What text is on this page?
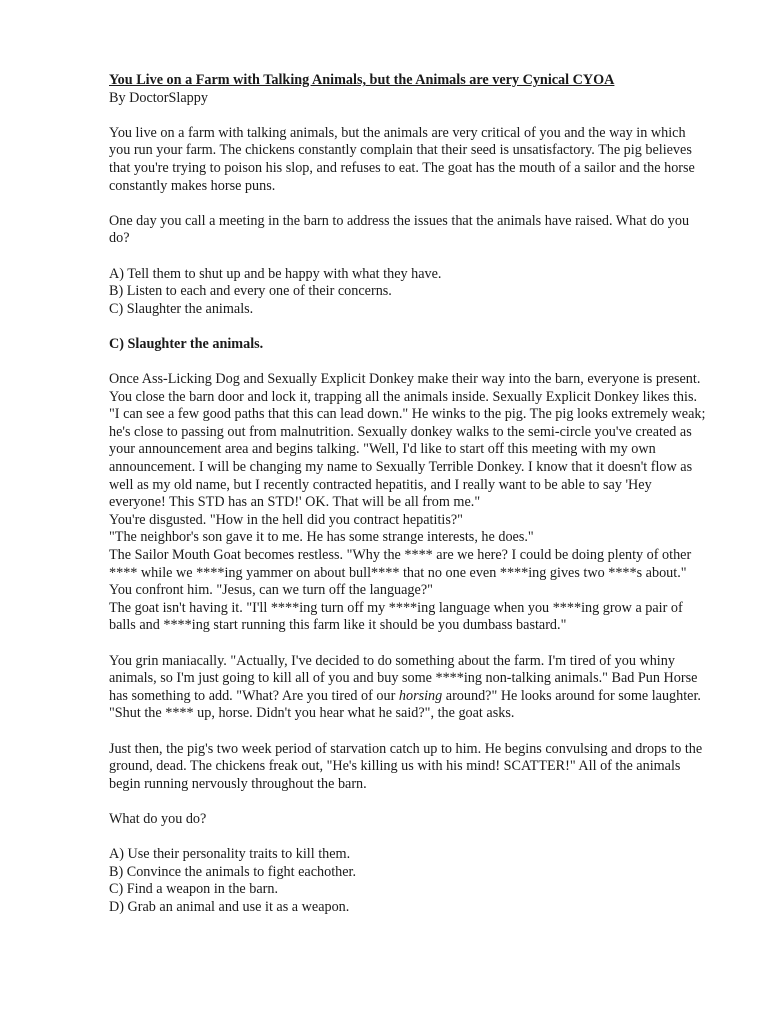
You Live on a Farm with Talking Animals, but the Animals are very Cynical CYOA

By DoctorSlappy

You live on a farm with talking animals, but the animals are very critical of you and the way in which you run your farm. The chickens constantly complain that their seed is unsatisfactory. The pig believes that you're trying to poison his slop, and refuses to eat. The goat has the mouth of a sailor and the horse constantly makes horse puns.

One day you call a meeting in the barn to address the issues that the animals have raised. What do you do?

A) Tell them to shut up and be happy with what they have.

B) Listen to each and every one of their concerns.

C) Slaughter the animals.

C) Slaughter the animals.

Once Ass-Licking Dog and Sexually Explicit Donkey make their way into the barn, everyone is present. You close the barn door and lock it, trapping all the animals inside. Sexually Explicit Donkey likes this. "I can see a few good paths that this can lead down." He winks to the pig. The pig looks extremely weak; he's close to passing out from malnutrition. Sexually donkey walks to the semi-circle you've created as your announcement area and begins talking. "Well, I'd like to start off this meeting with my own announcement. I will be changing my name to Sexually Terrible Donkey. I know that it doesn't flow as well as my old name, but I recently contracted hepatitis, and I really want to be able to say 'Hey everyone! This STD has an STD!' OK. That will be all from me."

You're disgusted. "How in the hell did you contract hepatitis?"

"The neighbor's son gave it to me. He has some strange interests, he does."

The Sailor Mouth Goat becomes restless. "Why the **** are we here? I could be doing plenty of other **** while we ****ing yammer on about bull**** that no one even ****ing gives two ****s about."

You confront him. "Jesus, can we turn off the language?"

The goat isn't having it. "I'll ****ing turn off my ****ing language when you ****ing grow a pair of balls and ****ing start running this farm like it should be you dumbass bastard."

You grin maniacally. "Actually, I've decided to do something about the farm. I'm tired of you whiny animals, so I'm just going to kill all of you and buy some ****ing non-talking animals." Bad Pun Horse has something to add. "What? Are you tired of our horsing around?" He looks around for some laughter.

"Shut the **** up, horse. Didn't you hear what he said?", the goat asks.

Just then, the pig's two week period of starvation catch up to him. He begins convulsing and drops to the ground, dead. The chickens freak out, "He's killing us with his mind! SCATTER!" All of the animals begin running nervously throughout the barn.

What do you do?

A) Use their personality traits to kill them.

B) Convince the animals to fight eachother.

C) Find a weapon in the barn.

D) Grab an animal and use it as a weapon.
